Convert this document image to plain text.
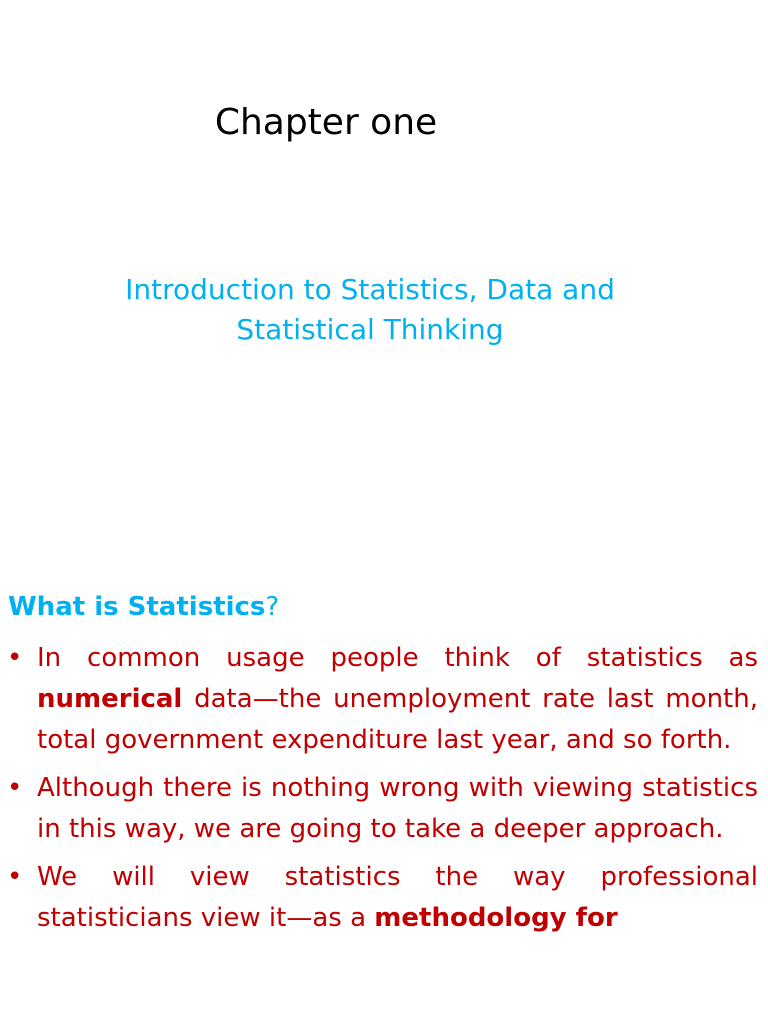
Chapter one
Introduction to Statistics, Data and
Statistical Thinking
What is Statistics?
• In common usage people think of statistics as numerical data—the unemployment rate last month, total government expenditure last year, and so forth.
• Although there is nothing wrong with viewing statistics in this way, we are going to take a deeper approach.
• We will view statistics the way professional statisticians view it—as a methodology for
